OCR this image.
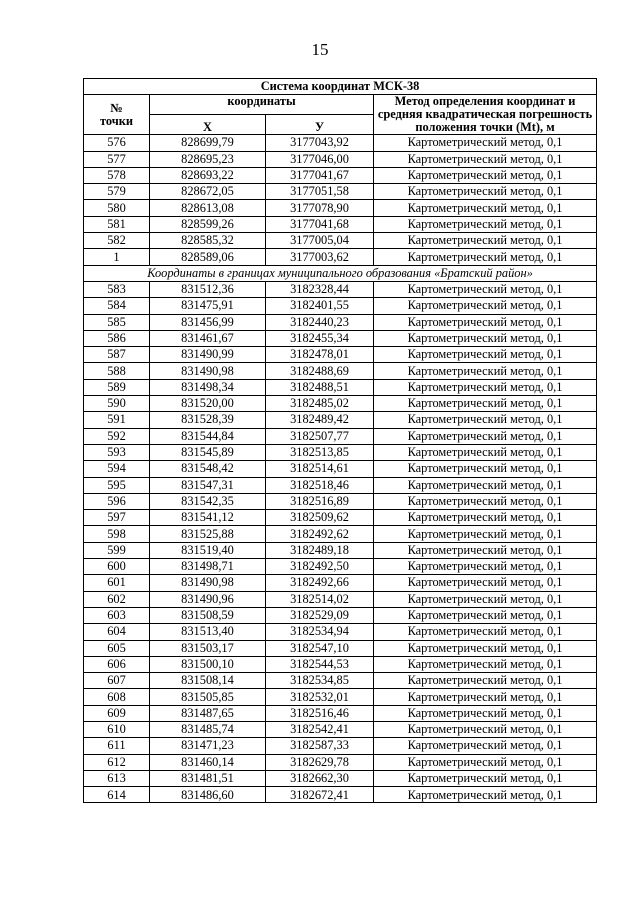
15
Система координат МСК-38			

№ точки	координаты		Метод определения координат и средняя квадратическая погрешность положения точки (Mt), м
	X	У	
576	828699,79	3177043,92	Картометрический метод, 0,1
577	828695,23	3177046,00	Картометрический метод, 0,1
578	828693,22	3177041,67	Картометрический метод, 0,1
579	828672,05	3177051,58	Картометрический метод, 0,1
580	828613,08	3177078,90	Картометрический метод, 0,1
581	828599,26	3177041,68	Картометрический метод, 0,1
582	828585,32	3177005,04	Картометрический метод, 0,1
1	828589,06	3177003,62	Картометрический метод, 0,1
Координаты в границах муниципального образования «Братский район»			
583	831512,36	3182328,44	Картометрический метод, 0,1
584	831475,91	3182401,55	Картометрический метод, 0,1
585	831456,99	3182440,23	Картометрический метод, 0,1
586	831461,67	3182455,34	Картометрический метод, 0,1
587	831490,99	3182478,01	Картометрический метод, 0,1
588	831490,98	3182488,69	Картометрический метод, 0,1
589	831498,34	3182488,51	Картометрический метод, 0,1
590	831520,00	3182485,02	Картометрический метод, 0,1
591	831528,39	3182489,42	Картометрический метод, 0,1
592	831544,84	3182507,77	Картометрический метод, 0,1
593	831545,89	3182513,85	Картометрический метод, 0,1
594	831548,42	3182514,61	Картометрический метод, 0,1
595	831547,31	3182518,46	Картометрический метод, 0,1
596	831542,35	3182516,89	Картометрический метод, 0,1
597	831541,12	3182509,62	Картометрический метод, 0,1
598	831525,88	3182492,62	Картометрический метод, 0,1
599	831519,40	3182489,18	Картометрический метод, 0,1
600	831498,71	3182492,50	Картометрический метод, 0,1
601	831490,98	3182492,66	Картометрический метод, 0,1
602	831490,96	3182514,02	Картометрический метод, 0,1
603	831508,59	3182529,09	Картометрический метод, 0,1
604	831513,40	3182534,94	Картометрический метод, 0,1
605	831503,17	3182547,10	Картометрический метод, 0,1
606	831500,10	3182544,53	Картометрический метод, 0,1
607	831508,14	3182534,85	Картометрический метод, 0,1
608	831505,85	3182532,01	Картометрический метод, 0,1
609	831487,65	3182516,46	Картометрический метод, 0,1
610	831485,74	3182542,41	Картометрический метод, 0,1
611	831471,23	3182587,33	Картометрический метод, 0,1
612	831460,14	3182629,78	Картометрический метод, 0,1
613	831481,51	3182662,30	Картометрический метод, 0,1
614	831486,60	3182672,41	Картометрический метод, 0,1
